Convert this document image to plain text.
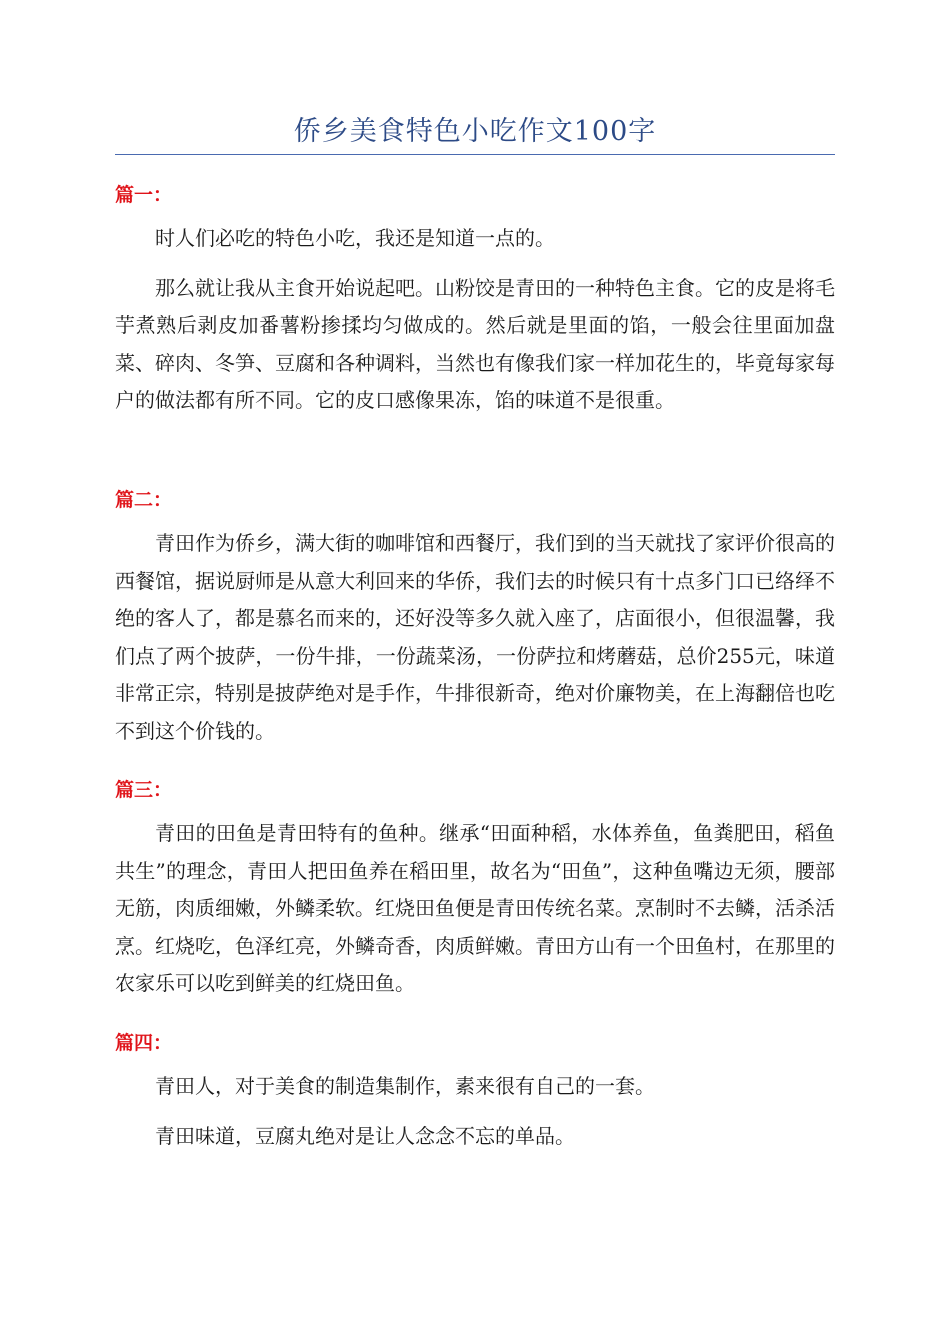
侨乡美食特色小吃作文100字
篇一：

时人们必吃的特色小吃，我还是知道一点的。

那么就让我从主食开始说起吧。山粉饺是青田的一种特色主食。它的皮是将毛芋煮熟后剥皮加番薯粉掺揉均匀做成的。然后就是里面的馅，一般会往里面加盘菜、碎肉、冬笋、豆腐和各种调料，当然也有像我们家一样加花生的，毕竟每家每户的做法都有所不同。它的皮口感像果冻，馅的味道不是很重。

篇二：

青田作为侨乡，满大街的咖啡馆和西餐厅，我们到的当天就找了家评价很高的西餐馆，据说厨师是从意大利回来的华侨，我们去的时候只有十点多门口已络绎不绝的客人了，都是慕名而来的，还好没等多久就入座了，店面很小，但很温馨，我们点了两个披萨，一份牛排，一份蔬菜汤，一份萨拉和烤蘑菇，总价255元，味道非常正宗，特别是披萨绝对是手作，牛排很新奇，绝对价廉物美，在上海翻倍也吃不到这个价钱的。

篇三：

青田的田鱼是青田特有的鱼种。继承“田面种稻，水体养鱼，鱼粪肥田，稻鱼共生”的理念，青田人把田鱼养在稻田里，故名为“田鱼”，这种鱼嘴边无须，腰部无筋，肉质细嫩，外鳞柔软。红烧田鱼便是青田传统名菜。烹制时不去鳞，活杀活烹。红烧吃，色泽红亮，外鳞奇香，肉质鲜嫩。青田方山有一个田鱼村，在那里的农家乐可以吃到鲜美的红烧田鱼。

篇四：

青田人，对于美食的制造集制作，素来很有自己的一套。

青田味道，豆腐丸绝对是让人念念不忘的单品。
